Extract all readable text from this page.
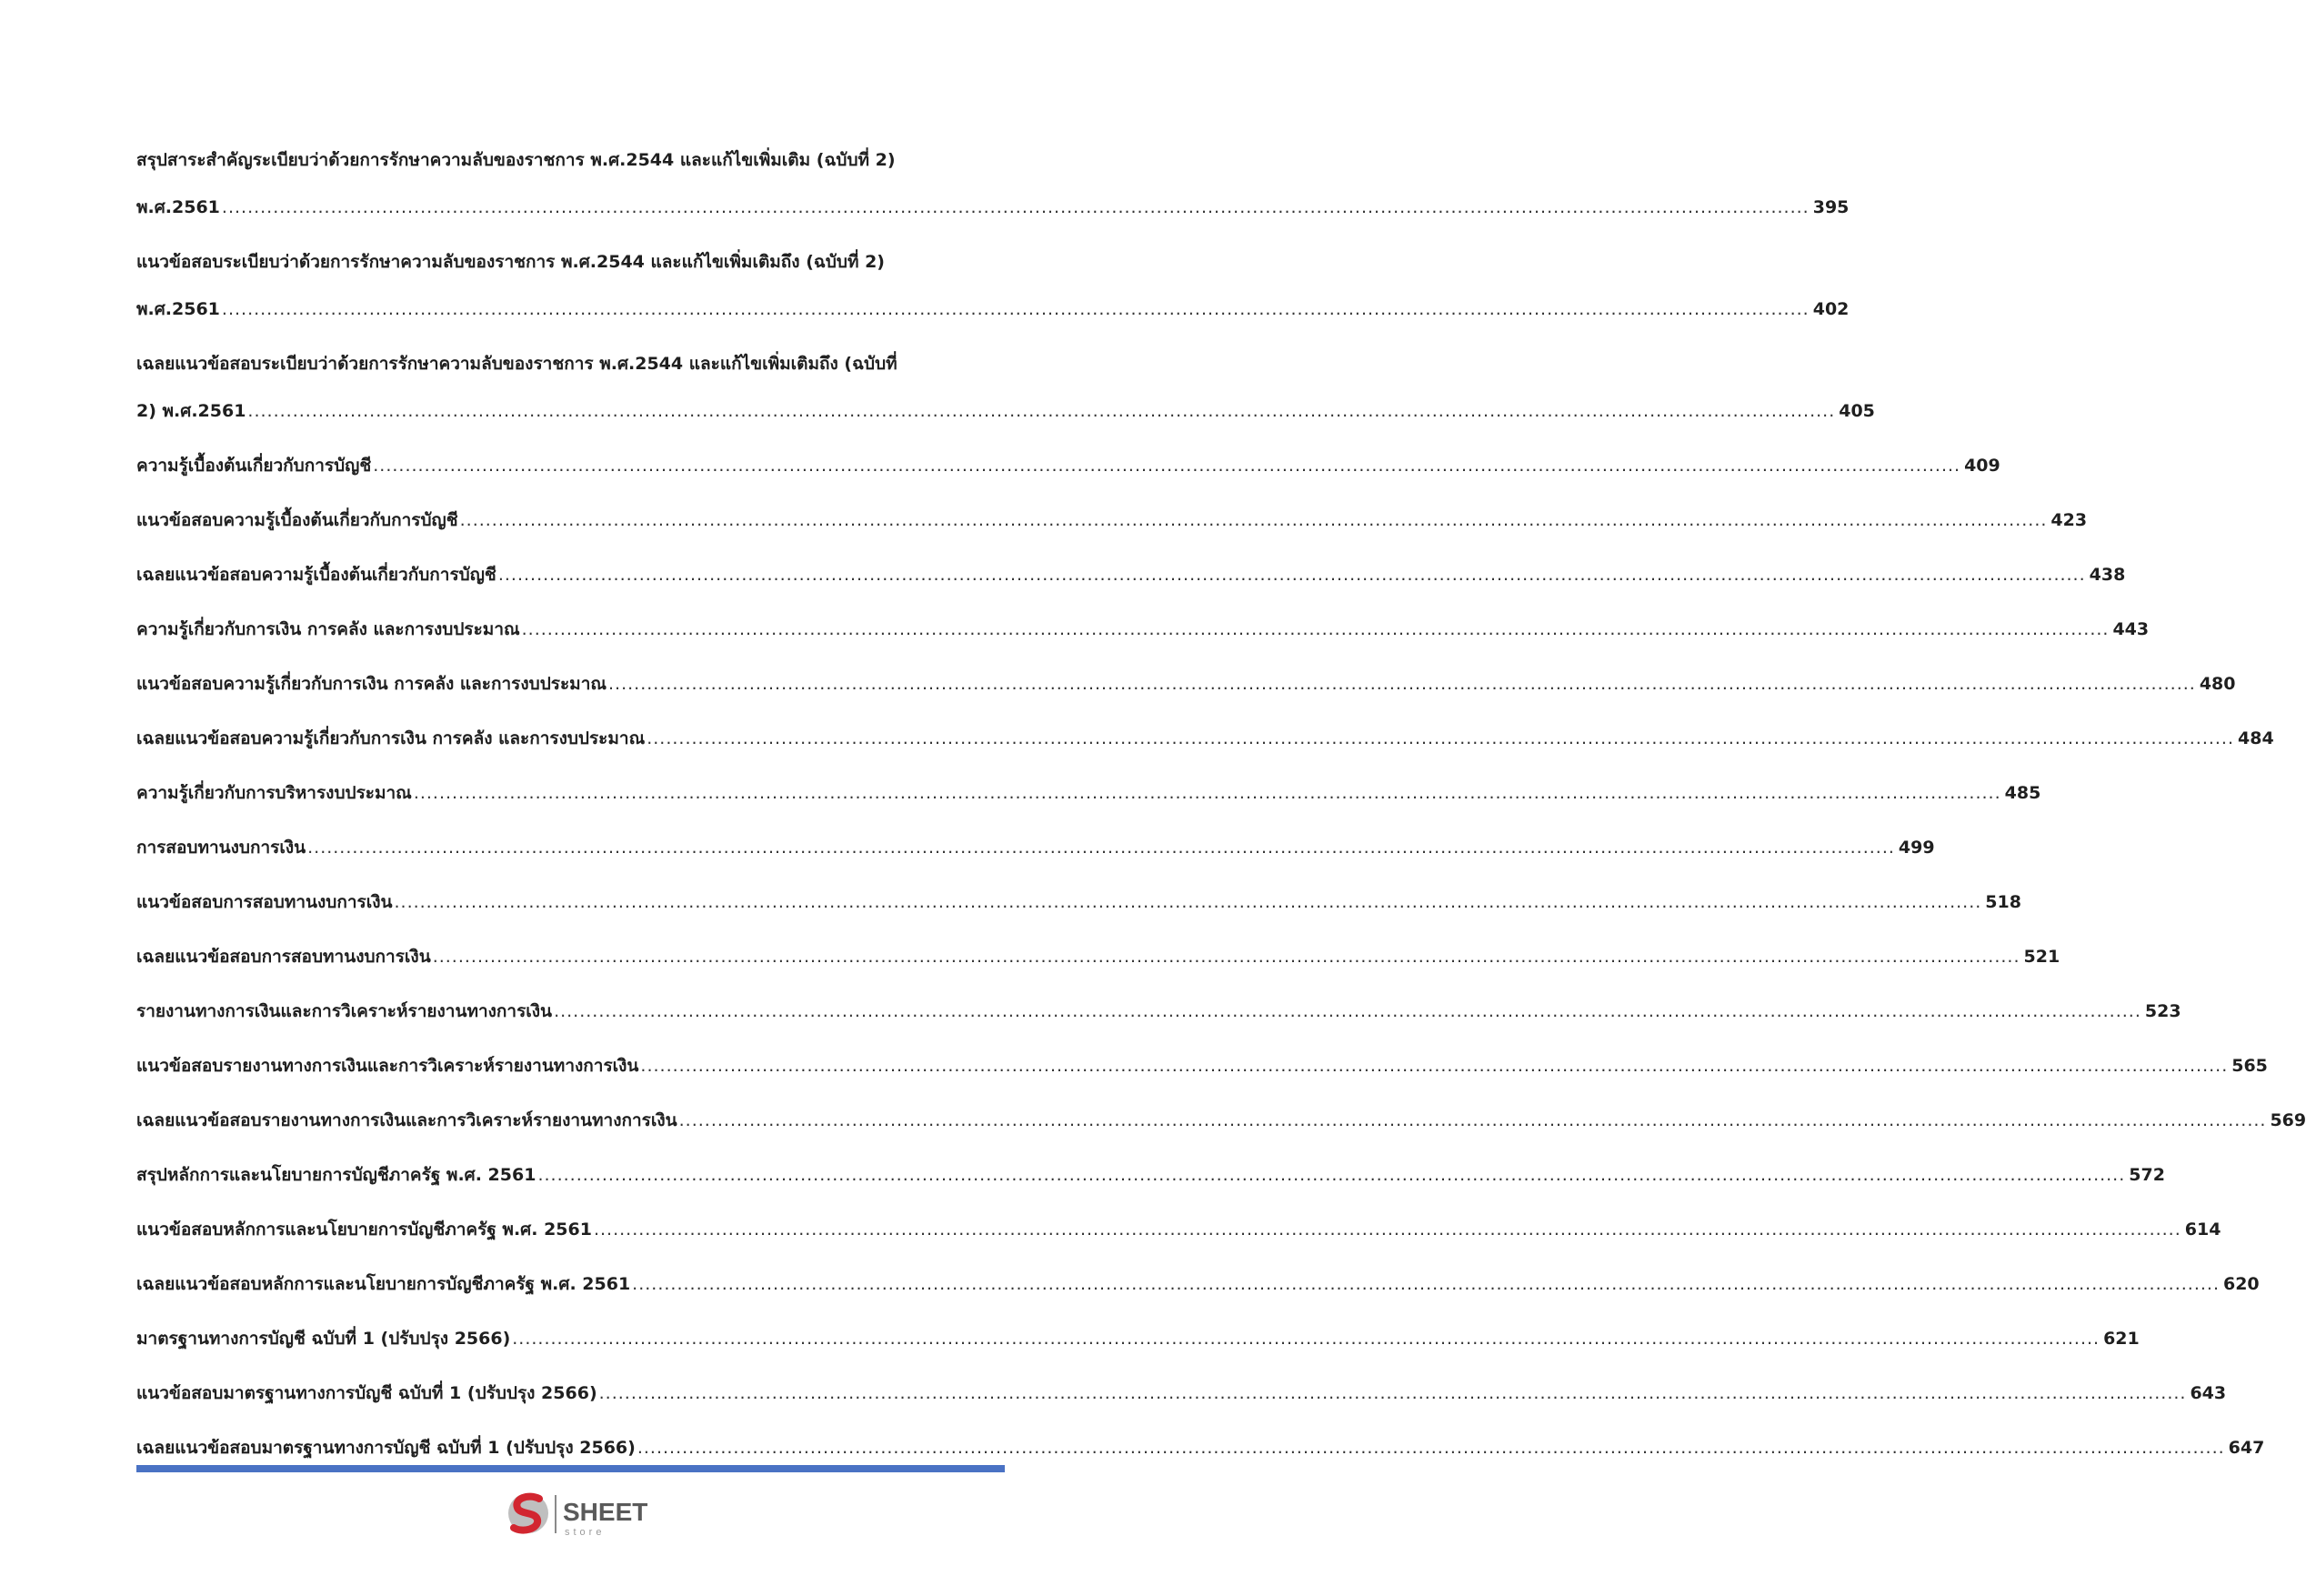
สรุปสาระสำคัญระเบียบว่าด้วยการรักษาความลับของราชการ พ.ศ.2544 และแก้ไขเพิ่มเติม (ฉบับที่ 2)
พ.ศ.2561 .....	395
แนวข้อสอบระเบียบว่าด้วยการรักษาความลับของราชการ พ.ศ.2544 และแก้ไขเพิ่มเติมถึง (ฉบับที่ 2)
พ.ศ.2561 .....	402
เฉลยแนวข้อสอบระเบียบว่าด้วยการรักษาความลับของราชการ พ.ศ.2544 และแก้ไขเพิ่มเติมถึง (ฉบับที่
2) พ.ศ.2561 .....	405
ความรู้เบื้องต้นเกี่ยวกับการบัญชี .....	409
แนวข้อสอบความรู้เบื้องต้นเกี่ยวกับการบัญชี .....	423
เฉลยแนวข้อสอบความรู้เบื้องต้นเกี่ยวกับการบัญชี .....	438
ความรู้เกี่ยวกับการเงิน การคลัง และการงบประมาณ .....	443
แนวข้อสอบความรู้เกี่ยวกับการเงิน การคลัง และการงบประมาณ .....	480
เฉลยแนวข้อสอบความรู้เกี่ยวกับการเงิน การคลัง และการงบประมาณ .....	484
ความรู้เกี่ยวกับการบริหารงบประมาณ .....	485
การสอบทานงบการเงิน .....	499
แนวข้อสอบการสอบทานงบการเงิน .....	518
เฉลยแนวข้อสอบการสอบทานงบการเงิน .....	521
รายงานทางการเงินและการวิเคราะห์รายงานทางการเงิน .....	523
แนวข้อสอบรายงานทางการเงินและการวิเคราะห์รายงานทางการเงิน .....	565
เฉลยแนวข้อสอบรายงานทางการเงินและการวิเคราะห์รายงานทางการเงิน .....	569
สรุปหลักการและนโยบายการบัญชีภาครัฐ พ.ศ. 2561 .....	572
แนวข้อสอบหลักการและนโยบายการบัญชีภาครัฐ พ.ศ. 2561 .....	614
เฉลยแนวข้อสอบหลักการและนโยบายการบัญชีภาครัฐ พ.ศ. 2561 .....	620
มาตรฐานทางการบัญชี ฉบับที่ 1 (ปรับปรุง 2566) .....	621
แนวข้อสอบมาตรฐานทางการบัญชี ฉบับที่ 1 (ปรับปรุง 2566) .....	643
เฉลยแนวข้อสอบมาตรฐานทางการบัญชี ฉบับที่ 1 (ปรับปรุง 2566) .....	647
SHEET
store
